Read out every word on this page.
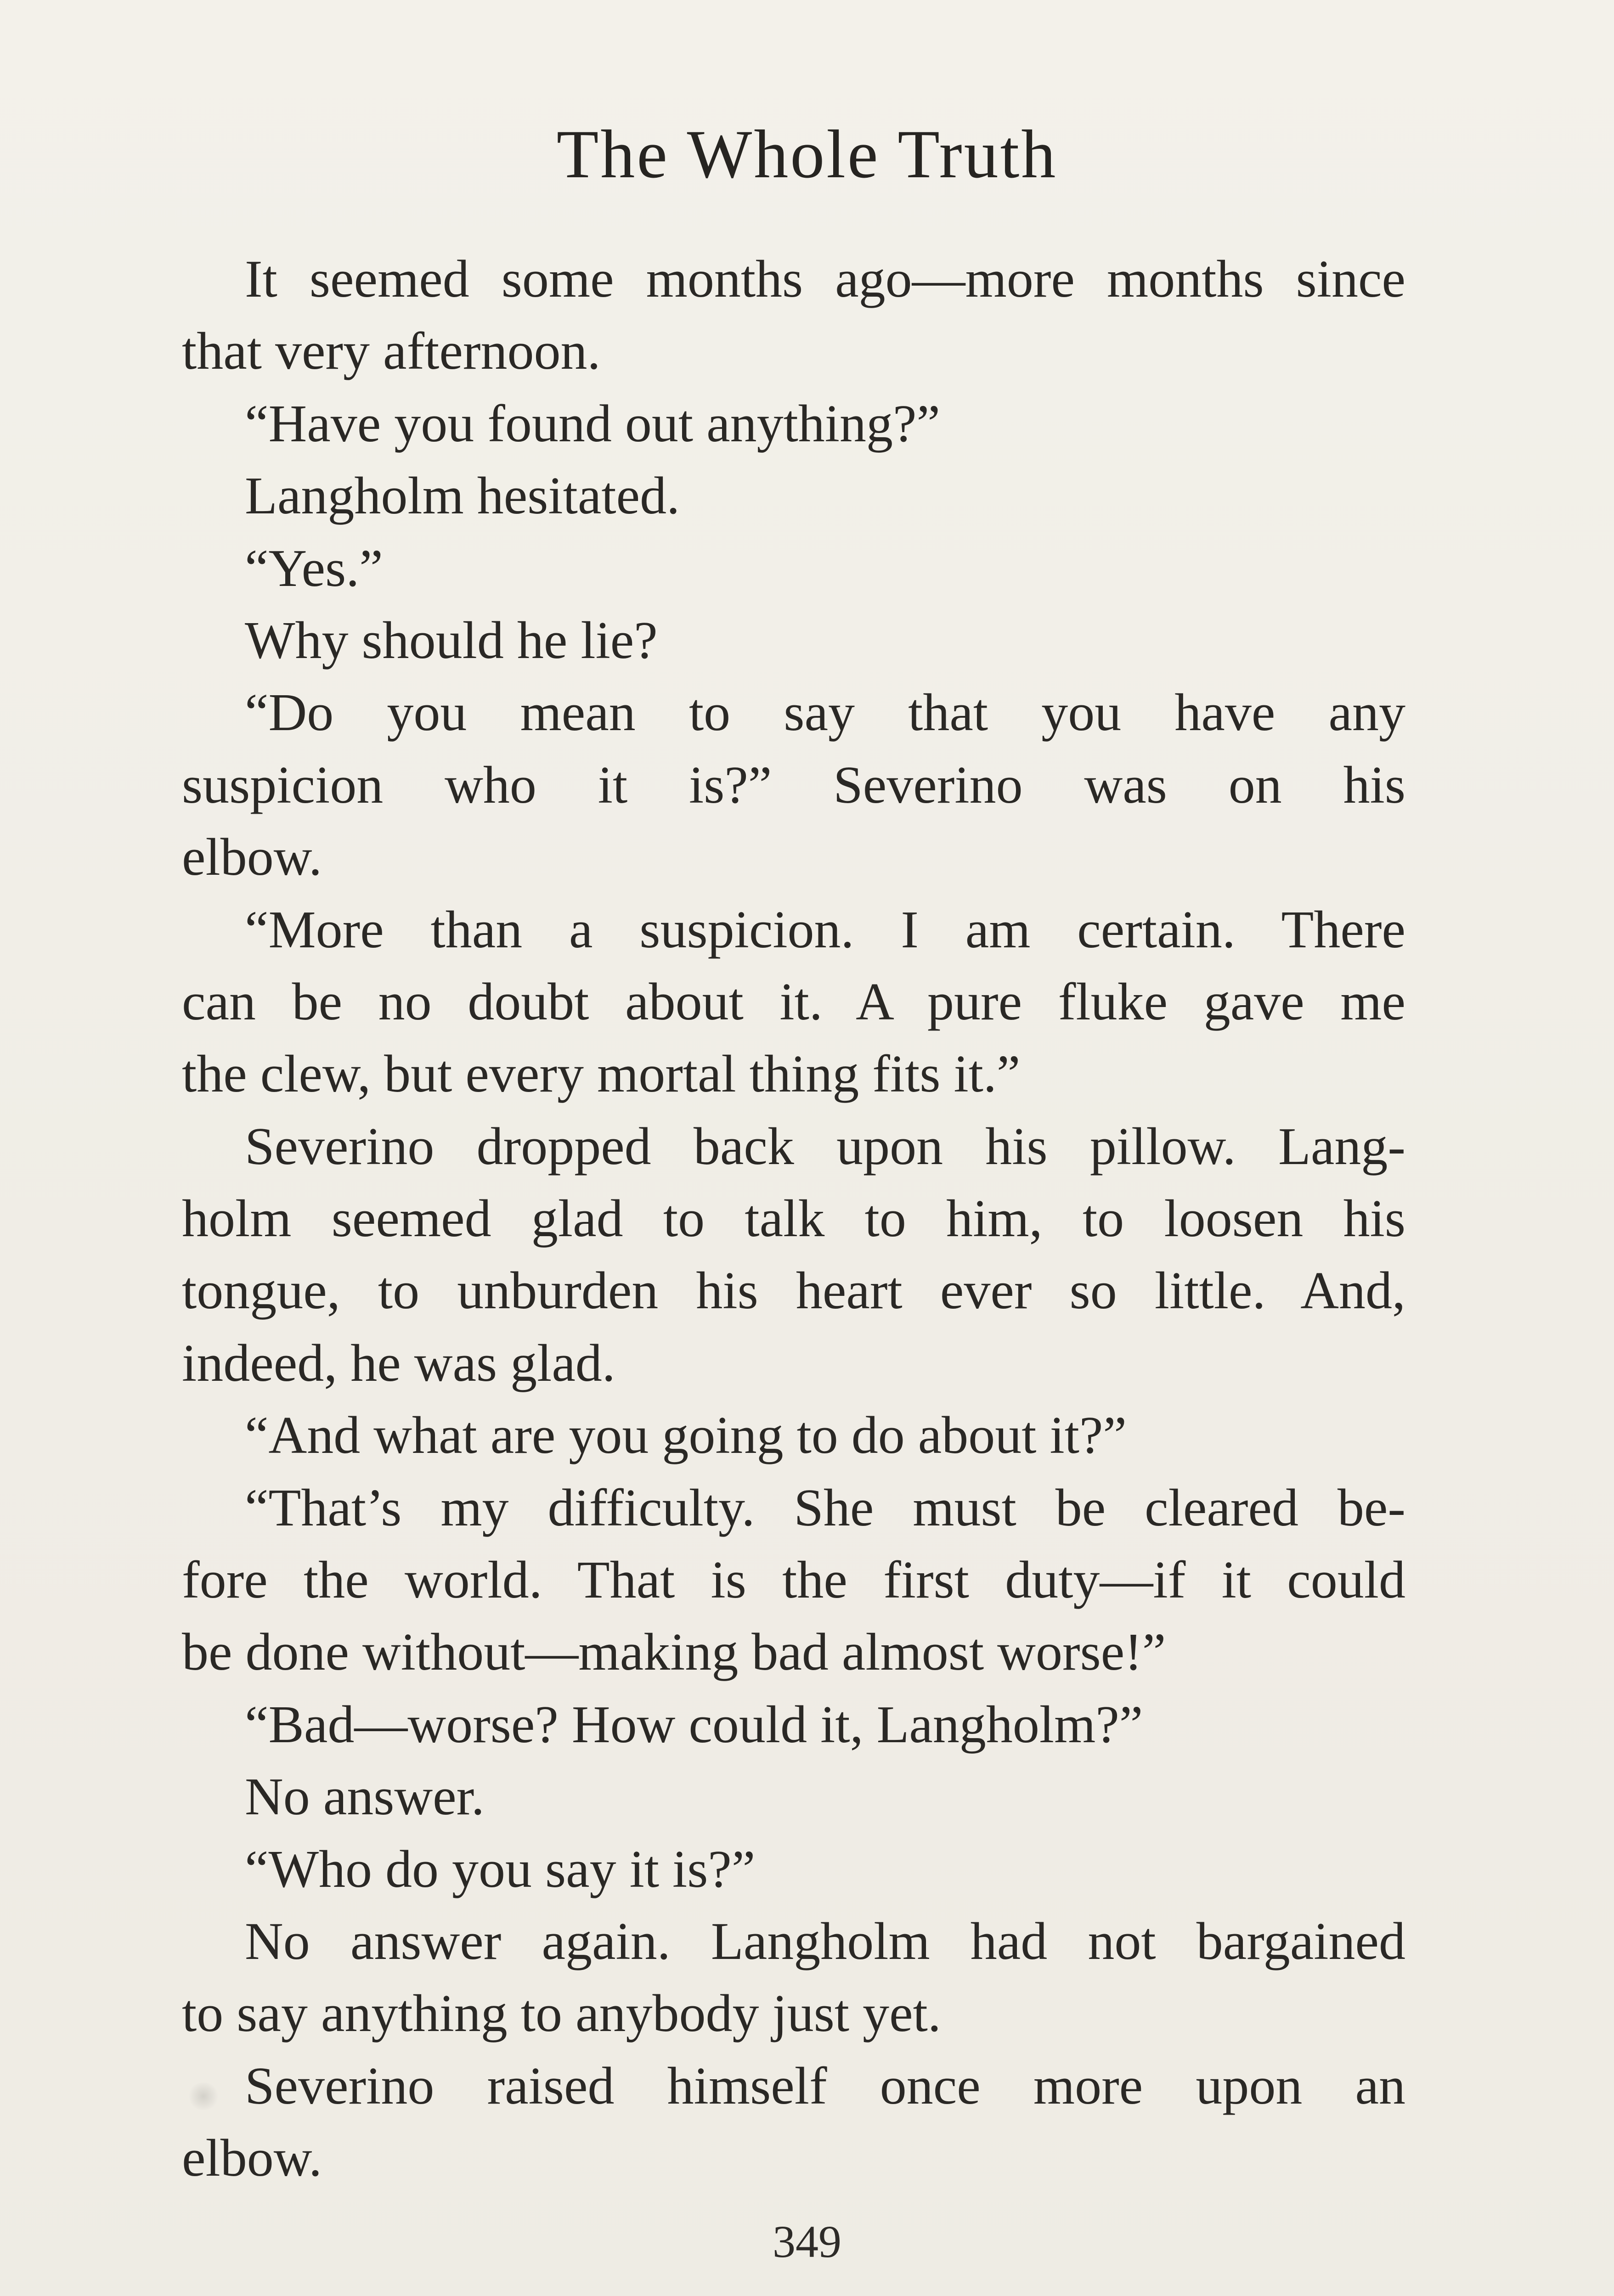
The Whole Truth
It seemed some months ago—more months since
that very afternoon.
“Have you found out anything?”
Langholm hesitated.
“Yes.”
Why should he lie?
“Do you mean to say that you have any
suspicion who it is?” Severino was on his
elbow.
“More than a suspicion. I am certain. There
can be no doubt about it. A pure fluke gave me
the clew, but every mortal thing fits it.”
Severino dropped back upon his pillow. Lang-
holm seemed glad to talk to him, to loosen his
tongue, to unburden his heart ever so little. And,
indeed, he was glad.
“And what are you going to do about it?”
“That’s my difficulty. She must be cleared be-
fore the world. That is the first duty—if it could
be done without—making bad almost worse!”
“Bad—worse? How could it, Langholm?”
No answer.
“Who do you say it is?”
No answer again. Langholm had not bargained
to say anything to anybody just yet.
Severino raised himself once more upon an
elbow.
349
